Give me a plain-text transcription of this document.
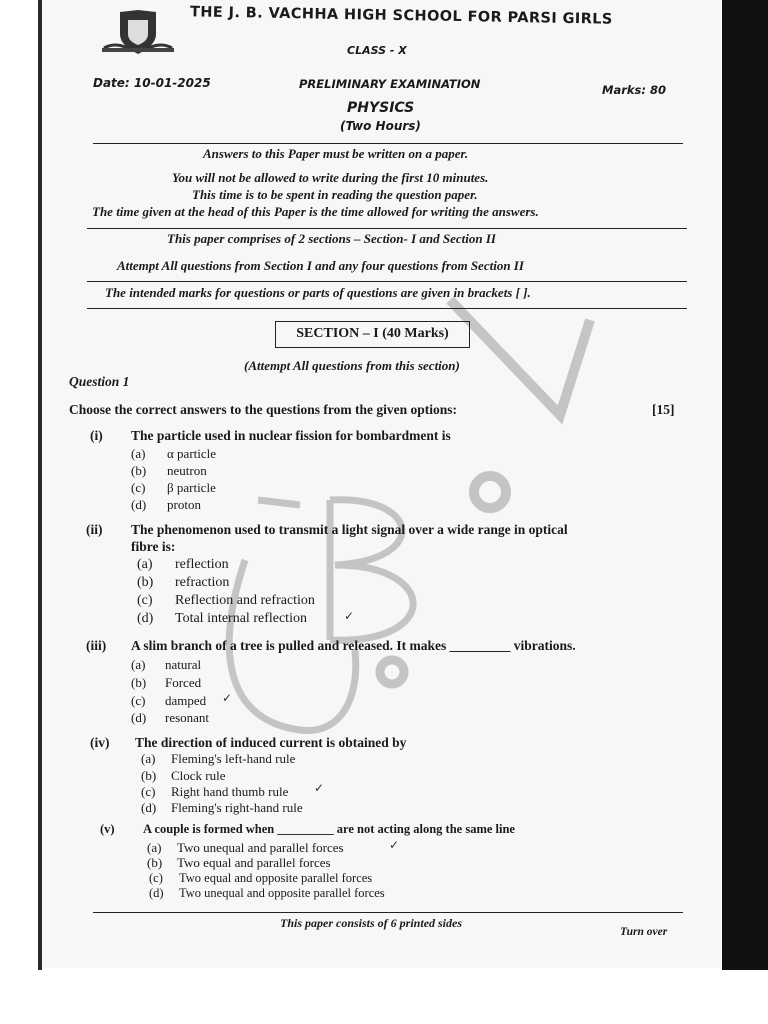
THE J. B. VACHHA HIGH SCHOOL FOR PARSI GIRLS
CLASS - X
Date: 10-01-2025	PRELIMINARY EXAMINATION	Marks: 80
PHYSICS
(Two Hours)
Answers to this Paper must be written on a paper.
You will not be allowed to write during the first 10 minutes.
This time is to be spent in reading the question paper.
The time given at the head of this Paper is the time allowed for writing the answers.
This paper comprises of 2 sections – Section- I and Section II
Attempt All questions from Section I and any four questions from Section II
The intended marks for questions or parts of questions are given in brackets [ ].
SECTION – I (40 Marks)
(Attempt All questions from this section)
Question 1
Choose the correct answers to the questions from the given options:	[15]
(i) The particle used in nuclear fission for bombardment is
(a) α particle
(b) neutron
(c) β particle
(d) proton
(ii) The phenomenon used to transmit a light signal over a wide range in optical
fibre is:
(a) reflection
(b) refraction
(c) Reflection and refraction
(d) Total internal reflection	✓
(iii) A slim branch of a tree is pulled and released. It makes _________ vibrations.
(a) natural
(b) Forced
(c) damped ✓
(d) resonant
(iv) The direction of induced current is obtained by
(a) Fleming's left-hand rule
(b) Clock rule
(c) Right hand thumb rule ✓
(d) Fleming's right-hand rule
(v) A couple is formed when _________ are not acting along the same line
(a) Two unequal and parallel forces	✓
(b) Two equal and parallel forces
(c) Two equal and opposite parallel forces
(d) Two unequal and opposite parallel forces
This paper consists of 6 printed sides
Turn over
